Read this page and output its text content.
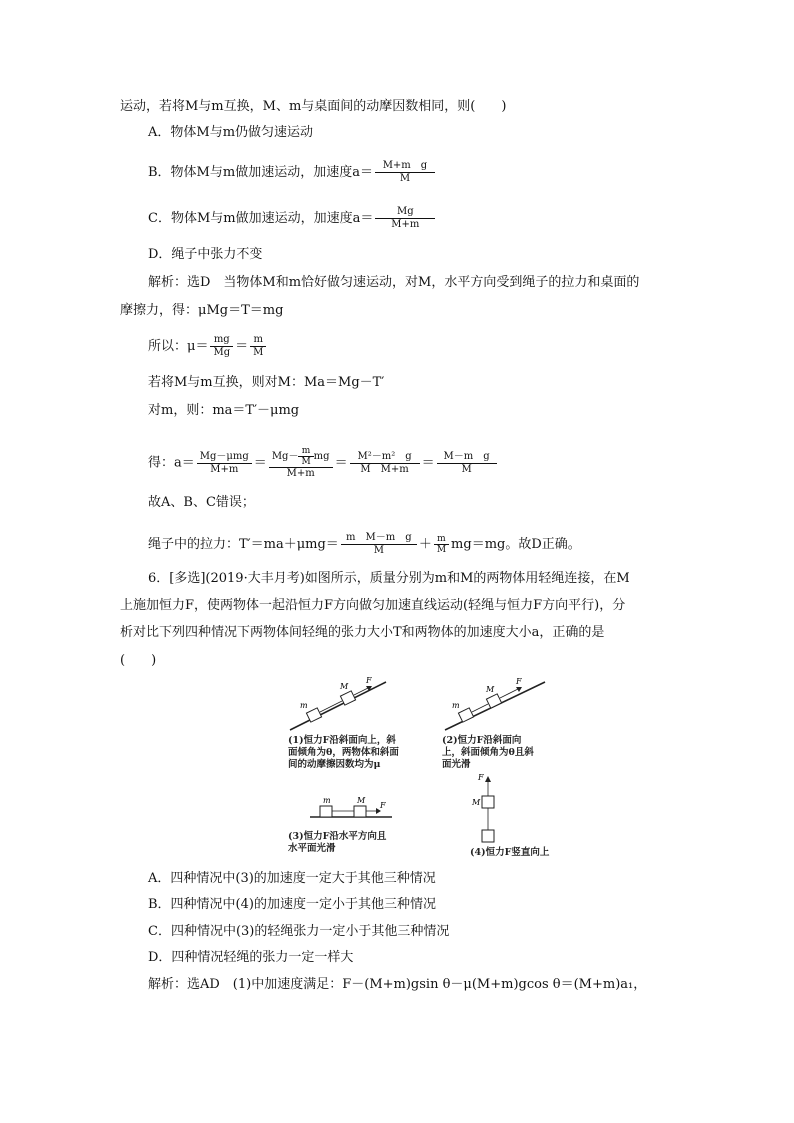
运动，若将M与m互换，M、m与桌面间的动摩因数相同，则(　　)
A．物体M与m仍做匀速运动
B．物体M与m做加速运动，加速度$a= \frac{\text{M+m　g}}{M}$
C．物体M与m做加速运动，加速度$a= \frac{Mg}{M+m}$
D．绳子中张力不变
解析：选D　当物体M和m恰好做匀速运动，对M，水平方向受到绳子的拉力和桌面的
摩擦力，得：μMg＝T＝mg
所以：$\mu= \frac{mg}{Mg} = \frac{m}{M}$
若将M与m互换，则对M：Ma＝Mg－T′
对m，则：ma＝T′－μmg
得：$a= \frac{\text{Mg－μmg}}{M+m} = \frac{Mg- \frac{m}{M} mg}{M+m} = \frac{\text{M²－m²　g}}{\text{M　M+m}} = \frac{\text{M－m　g}}{M}$
故A、B、C错误；
绳子中的拉力：$T'=ma+\mu mg= \frac{\text{m　M－m　g}}{M} + \frac{m}{M} mg=mg$。故D正确。
6．[多选](2019·大丰月考)如图所示，质量分别为m和M的两物体用轻绳连接，在M
上施加恒力F，使两物体一起沿恒力F方向做匀加速直线运动(轻绳与恒力F方向平行)，分
析对比下列四种情况下两物体间轻绳的张力大小T和两物体的加速度大小a，正确的是
(　　)
m
M
F
m
M
F
m	M
F
F
M
(1)恒力F沿斜面向上，斜
面倾角为θ，两物体和斜面
间的动摩擦因数均为μ
(2)恒力F沿斜面向
上，斜面倾角为θ且斜
面光滑
(3)恒力F沿水平方向且
水平面光滑	(4)恒力F竖直向上
A．四种情况中(3)的加速度一定大于其他三种情况
B．四种情况中(4)的加速度一定小于其他三种情况
C．四种情况中(3)的轻绳张力一定小于其他三种情况
D．四种情况轻绳的张力一定一样大
解析：选AD　(1)中加速度满足：F－(M+m)gsin θ－μ(M+m)gcos θ＝(M+m)a₁，
